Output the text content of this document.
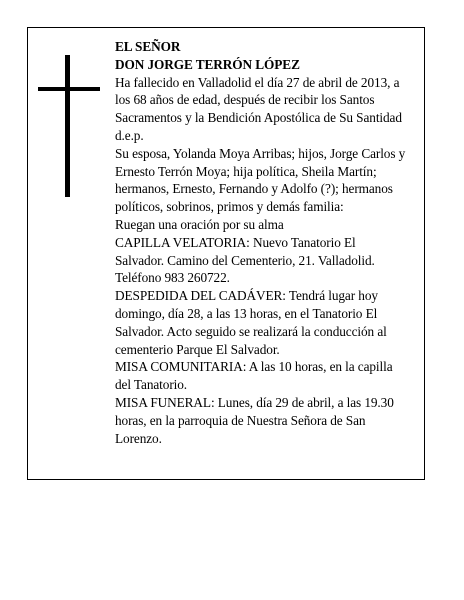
EL SEÑOR
DON JORGE TERRÓN LÓPEZ
Ha fallecido en Valladolid el día 27 de abril de 2013, a
los 68 años de edad, después de recibir los Santos
Sacramentos y la Bendición Apostólica de Su Santidad
d.e.p.
Su esposa, Yolanda Moya Arribas; hijos, Jorge Carlos y
Ernesto Terrón Moya; hija política, Sheila Martín;
hermanos, Ernesto, Fernando y Adolfo (?); hermanos
políticos, sobrinos, primos y demás familia:
Ruegan una oración por su alma
CAPILLA VELATORIA: Nuevo Tanatorio El
Salvador. Camino del Cementerio, 21. Valladolid.
Teléfono 983 260722.
DESPEDIDA DEL CADÁVER: Tendrá lugar hoy
domingo, día 28, a las 13 horas, en el Tanatorio El
Salvador. Acto seguido se realizará la conducción al
cementerio Parque El Salvador.
MISA COMUNITARIA: A las 10 horas, en la capilla
del Tanatorio.
MISA FUNERAL: Lunes, día 29 de abril, a las 19.30
horas, en la parroquia de Nuestra Señora de San
Lorenzo.
